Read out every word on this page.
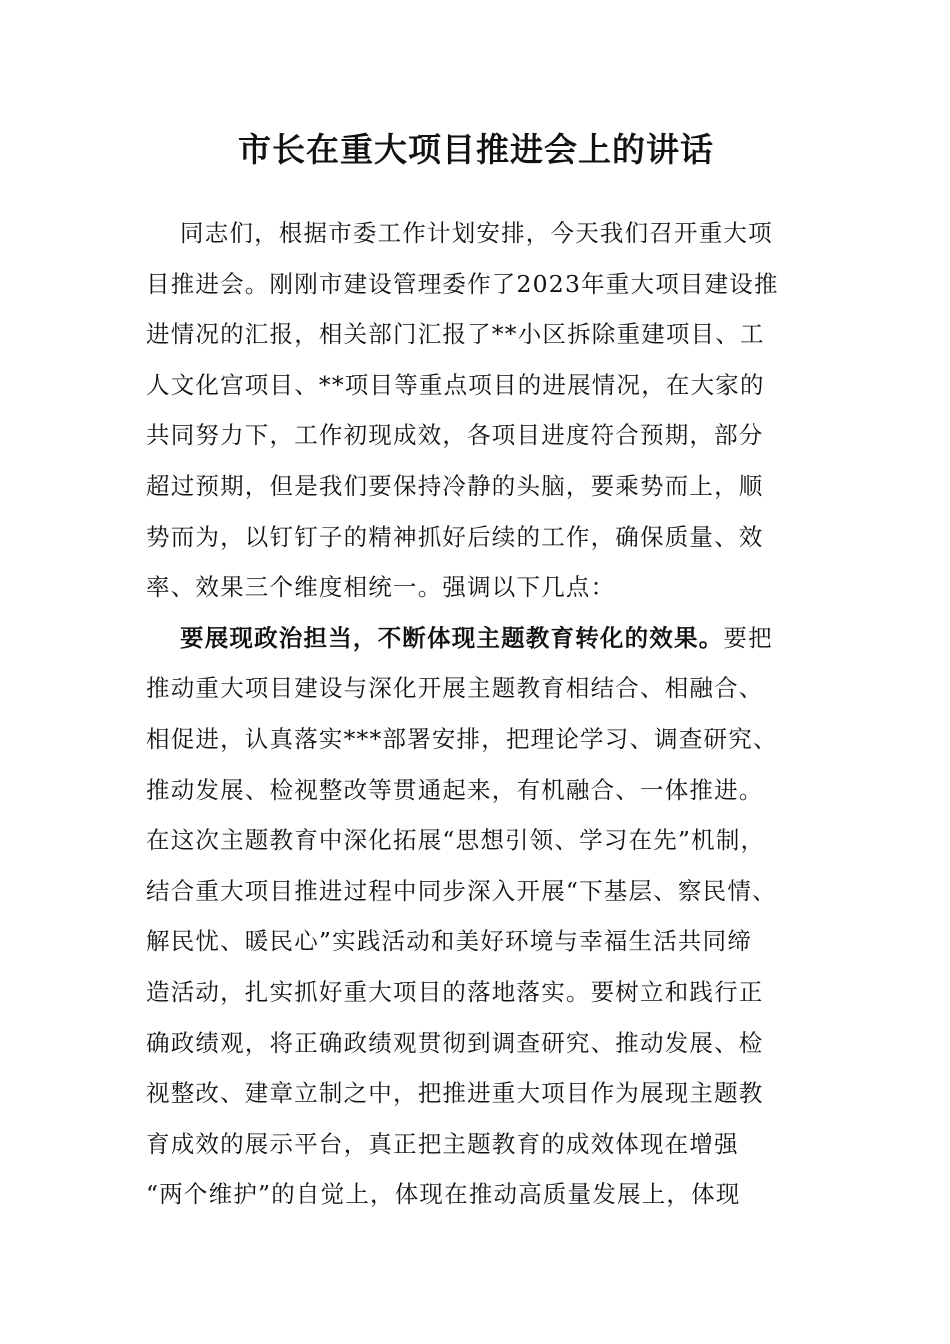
市长在重大项目推进会上的讲话

同志们，根据市委工作计划安排，今天我们召开重大项
目推进会。刚刚市建设管理委作了2023年重大项目建设推
进情况的汇报，相关部门汇报了**小区拆除重建项目、工
人文化宫项目、**项目等重点项目的进展情况，在大家的
共同努力下，工作初现成效，各项目进度符合预期，部分
超过预期，但是我们要保持冷静的头脑，要乘势而上，顺
势而为，以钉钉子的精神抓好后续的工作，确保质量、效
率、效果三个维度相统一。强调以下几点：

要展现政治担当，不断体现主题教育转化的效果。要把
推动重大项目建设与深化开展主题教育相结合、相融合、
相促进，认真落实***部署安排，把理论学习、调查研究、
推动发展、检视整改等贯通起来，有机融合、一体推进。
在这次主题教育中深化拓展“思想引领、学习在先”机制，
结合重大项目推进过程中同步深入开展“下基层、察民情、
解民忧、暖民心”实践活动和美好环境与幸福生活共同缔
造活动，扎实抓好重大项目的落地落实。要树立和践行正
确政绩观，将正确政绩观贯彻到调查研究、推动发展、检
视整改、建章立制之中，把推进重大项目作为展现主题教
育成效的展示平台，真正把主题教育的成效体现在增强
“两个维护”的自觉上，体现在推动高质量发展上，体现
